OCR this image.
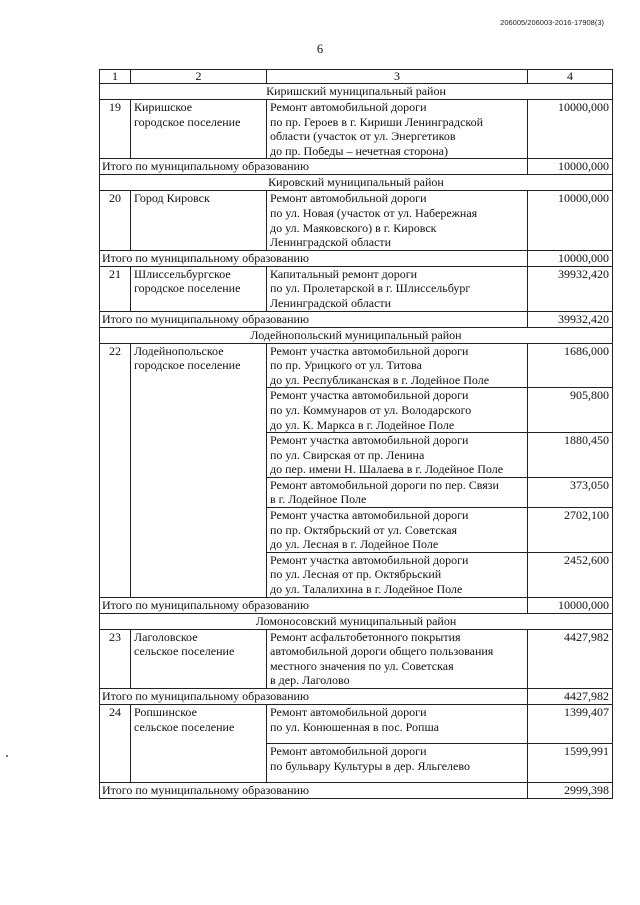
206005/206003-2016-17908(3)
6
1	2	3	4
Киришский муниципальный район			
19	Киришское
городское поселение	Ремонт автомобильной дороги
по пр. Героев в г. Кириши Ленинградской
области (участок от ул. Энергетиков
до пр. Победы – нечетная сторона)	10000,000
Итого по муниципальному образованию			10000,000
Кировский муниципальный район			
20	Город Кировск	Ремонт автомобильной дороги
по ул. Новая (участок от ул. Набережная
до ул. Маяковского) в г. Кировск
Ленинградской области	10000,000
Итого по муниципальному образованию			10000,000
21	Шлиссельбургское
городское поселение	Капитальный ремонт дороги
по ул. Пролетарской в г. Шлиссельбург
Ленинградской области	39932,420
Итого по муниципальному образованию			39932,420
Лодейнопольский муниципальный район			
22	Лодейнопольское
городское поселение	Ремонт участка автомобильной дороги
по пр. Урицкого от ул. Титова
до ул. Республиканская в г. Лодейное Поле	1686,000

		Ремонт участка автомобильной дороги
по ул. Коммунаров от ул. Володарского
до ул. К. Маркса в г. Лодейное Поле	905,800

		Ремонт участка автомобильной дороги
по ул. Свирская от пр. Ленина
до пер. имени Н. Шалаева в г. Лодейное Поле	1880,450

		Ремонт автомобильной дороги по пер. Связи
в г. Лодейное Поле	373,050

		Ремонт участка автомобильной дороги
по пр. Октябрьский от ул. Советская
до ул. Лесная в г. Лодейное Поле	2702,100

		Ремонт участка автомобильной дороги
по ул. Лесная от пр. Октябрьский
до ул. Талалихина в г. Лодейное Поле	2452,600
Итого по муниципальному образованию			10000,000
Ломоносовский муниципальный район			
23	Лаголовское
сельское поселение	Ремонт асфальтобетонного покрытия
автомобильной дороги общего пользования
местного значения по ул. Советская
в дер. Лаголово	4427,982
Итого по муниципальному образованию			4427,982
24	Ропшинское
сельское поселение	Ремонт автомобильной дороги
по ул. Конюшенная в пос. Ропша	1399,407

		Ремонт автомобильной дороги
по бульвару Культуры в дер. Яльгелево	1599,991
Итого по муниципальному образованию			2999,398
